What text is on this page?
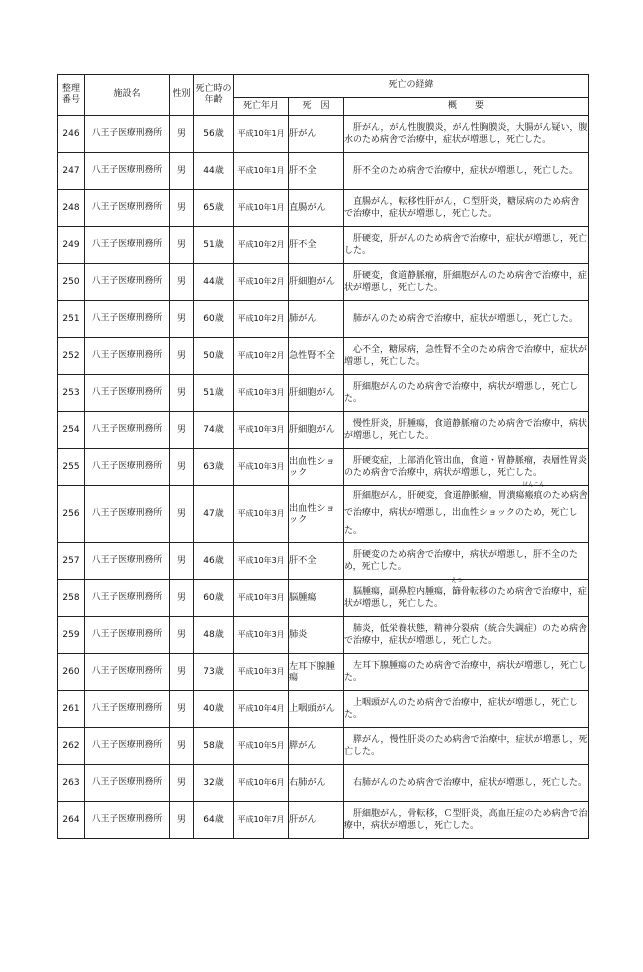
整理番号	施設名	性別	死亡時の年齢	死亡の経緯		
				死亡年月	死　因	概　　要
246	八王子医療刑務所	男	56歳	平成10年1月	肝がん	肝がん，がん性腹膜炎，がん性胸膜炎，大腸がん疑い，腹水のため病舎で治療中，症状が増悪し，死亡した。
247	八王子医療刑務所	男	44歳	平成10年1月	肝不全	肝不全のため病舎で治療中，症状が増悪し，死亡した。
248	八王子医療刑務所	男	65歳	平成10年1月	直腸がん	直腸がん，転移性肝がん，Ｃ型肝炎，糖尿病のため病舎で治療中，症状が増悪し，死亡した。
249	八王子医療刑務所	男	51歳	平成10年2月	肝不全	肝硬変，肝がんのため病舎で治療中，症状が増悪し，死亡した。
250	八王子医療刑務所	男	44歳	平成10年2月	肝細胞がん	肝硬変，食道静脈瘤，肝細胞がんのため病舎で治療中，症状が増悪し，死亡した。
251	八王子医療刑務所	男	60歳	平成10年2月	肺がん	肺がんのため病舎で治療中，症状が増悪し，死亡した。
252	八王子医療刑務所	男	50歳	平成10年2月	急性腎不全	心不全，糖尿病，急性腎不全のため病舎で治療中，症状が増悪し，死亡した。
253	八王子医療刑務所	男	51歳	平成10年3月	肝細胞がん	肝細胞がんのため病舎で治療中，病状が増悪し，死亡した。
254	八王子医療刑務所	男	74歳	平成10年3月	肝細胞がん	慢性肝炎，肝腫瘍，食道静脈瘤のため病舎で治療中，病状が増悪し，死亡した。
255	八王子医療刑務所	男	63歳	平成10年3月	出血性ショック	肝硬変症，上部消化管出血，食道・胃静脈瘤，表層性胃炎のため病舎で治療中，病状が増悪し，死亡した。
256	八王子医療刑務所	男	47歳	平成10年3月	出血性ショック	肝細胞がん，肝硬変，食道静脈瘤，胃潰瘍瘢痕
はんこん
のため病舎で治療中，病状が増悪し，出血性ショックのため，死亡した。
257	八王子医療刑務所	男	46歳	平成10年3月	肝不全	肝硬変のため病舎で治療中，病状が増悪し，肝不全のため，死亡した。
258	八王子医療刑務所	男	60歳	平成10年3月	脳腫瘍	脳腫瘍，副鼻腔内腫瘍，篩
えつ
骨転移のため病舎で治療中，症状が増悪し，死亡した。
259	八王子医療刑務所	男	48歳	平成10年3月	肺炎	肺炎，低栄養状態，精神分裂病（統合失調症）のため病舎で治療中，症状が増悪し，死亡した。
260	八王子医療刑務所	男	73歳	平成10年3月	左耳下腺腫瘍	左耳下腺腫瘍のため病舎で治療中，病状が増悪し，死亡した。
261	八王子医療刑務所	男	40歳	平成10年4月	上咽頭がん	上咽頭がんのため病舎で治療中，症状が増悪し，死亡した。
262	八王子医療刑務所	男	58歳	平成10年5月	膵がん	膵がん，慢性肝炎のため病舎で治療中，症状が増悪し，死亡した。
263	八王子医療刑務所	男	32歳	平成10年6月	右肺がん	右肺がんのため病舎で治療中，症状が増悪し，死亡した。
264	八王子医療刑務所	男	64歳	平成10年7月	肝がん	肝細胞がん，骨転移，Ｃ型肝炎，高血圧症のため病舎で治療中，病状が増悪し，死亡した。
